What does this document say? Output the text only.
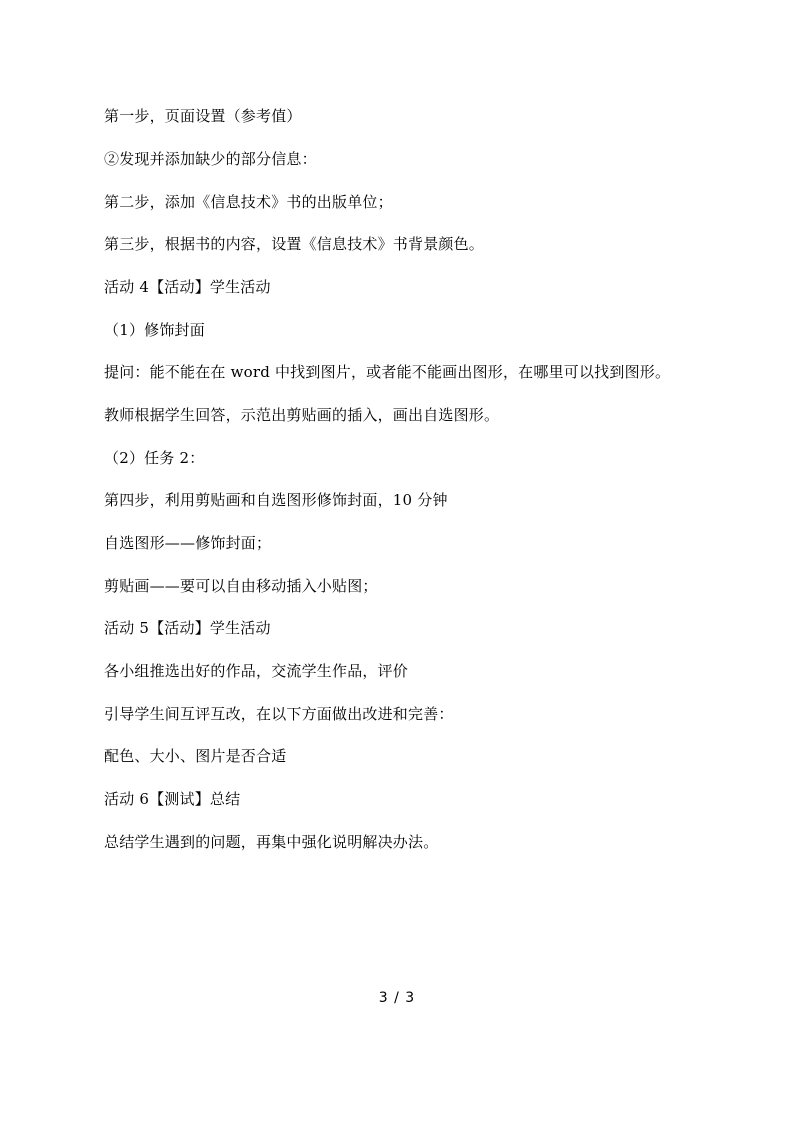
第一步，页面设置（参考值）
②发现并添加缺少的部分信息：
第二步，添加《信息技术》书的出版单位；
第三步，根据书的内容，设置《信息技术》书背景颜色。
活动 4【活动】学生活动
（1）修饰封面
提问：能不能在在 word 中找到图片，或者能不能画出图形，在哪里可以找到图形。
教师根据学生回答，示范出剪贴画的插入，画出自选图形。
（2）任务 2：
第四步，利用剪贴画和自选图形修饰封面，10 分钟
自选图形——修饰封面；
剪贴画——要可以自由移动插入小贴图；
活动 5【活动】学生活动
各小组推选出好的作品，交流学生作品，评价
引导学生间互评互改，在以下方面做出改进和完善：
配色、大小、图片是否合适
活动 6【测试】总结
总结学生遇到的问题，再集中强化说明解决办法。
3 / 3
